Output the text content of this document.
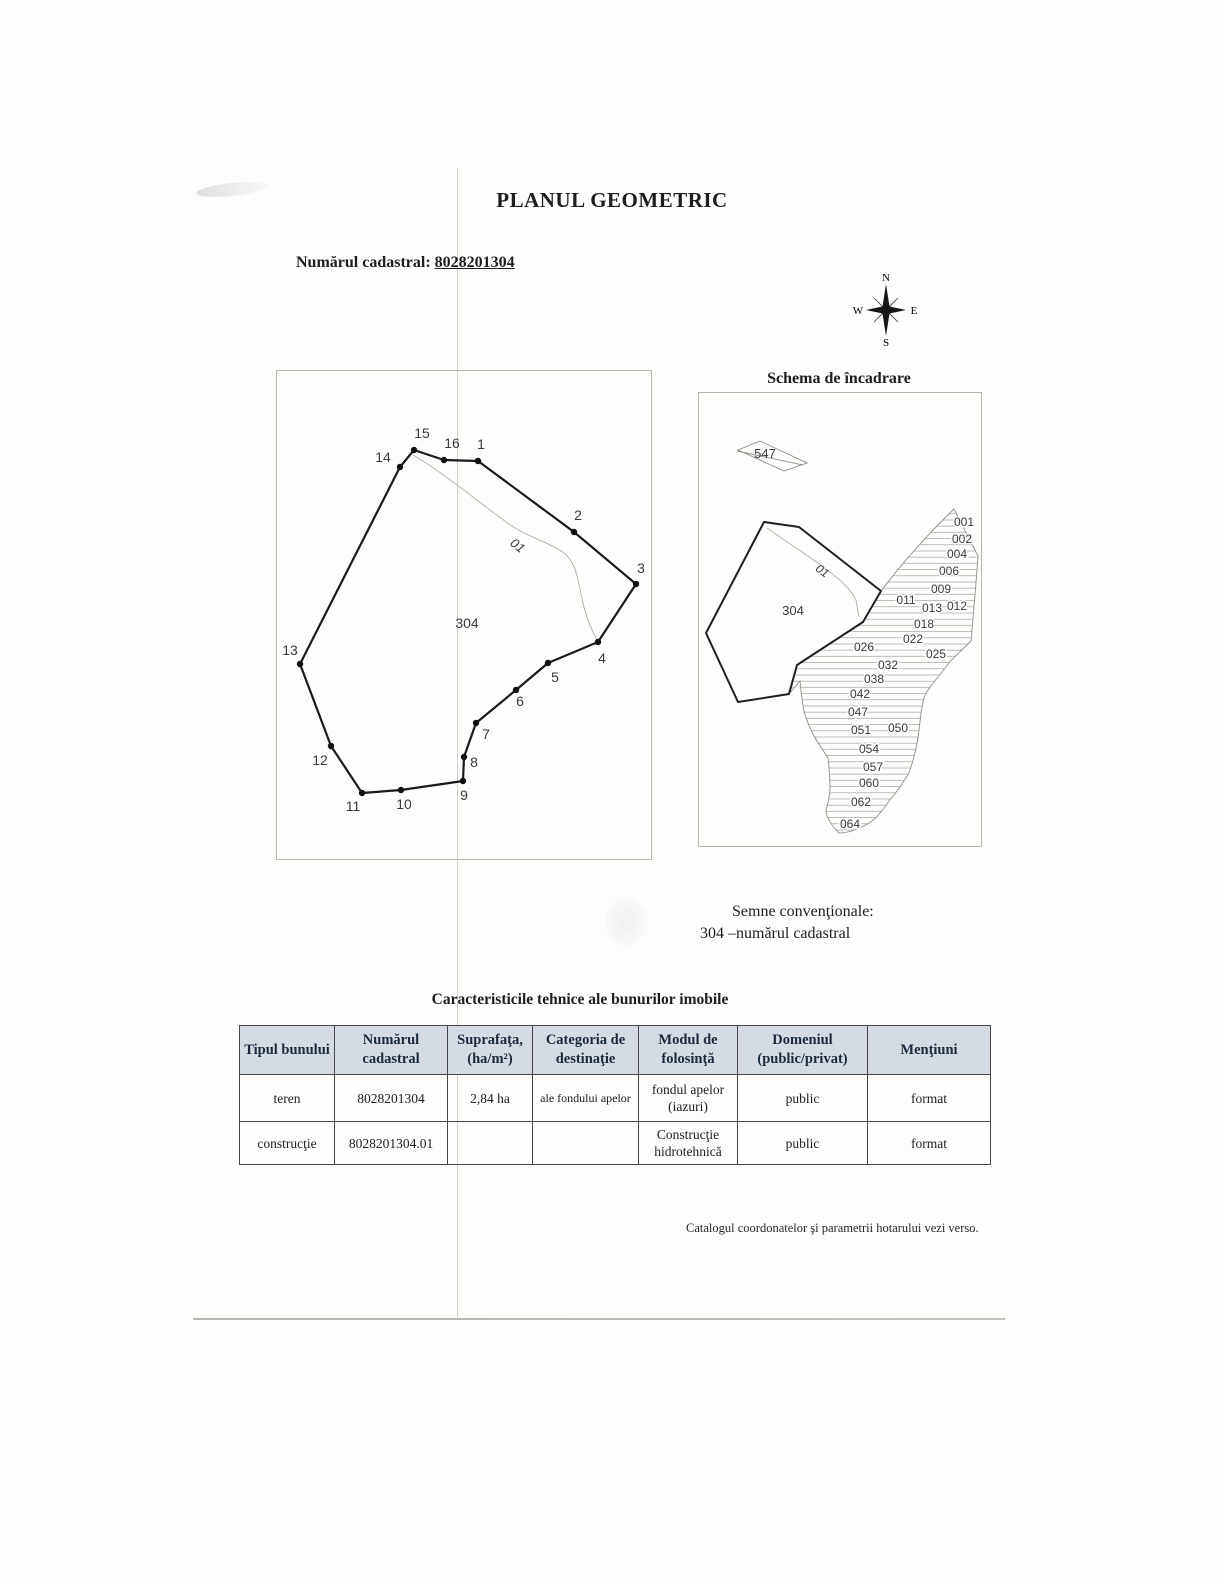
PLANUL GEOMETRIC
Numărul cadastral: 8028201304
N
S
W	E
1
2
3
4
5
6
7
8
9
10
11
12
13
14
15
16
304
01
Schema de încadrare
547
304
01
001
002
004
006
009
011
013 012
018
022
026	025
032
038
042
047
051 050
054
057
060
062
064
Semne convenţionale:
304 –numărul cadastral
Caracteristicile tehnice ale bunurilor imobile
Tipul bunului	Numărul cadastral	Suprafaţa, (ha/m²)	Categoria de destinaţie	Modul de folosinţă	Domeniul (public/privat)	Menţiuni
teren	8028201304	2,84 ha	ale fondului apelor	fondul apelor (iazuri)	public	format
construcţie	8028201304.01			Construcţie hidrotehnică	public	format
Catalogul coordonatelor şi parametrii hotarului vezi verso.
